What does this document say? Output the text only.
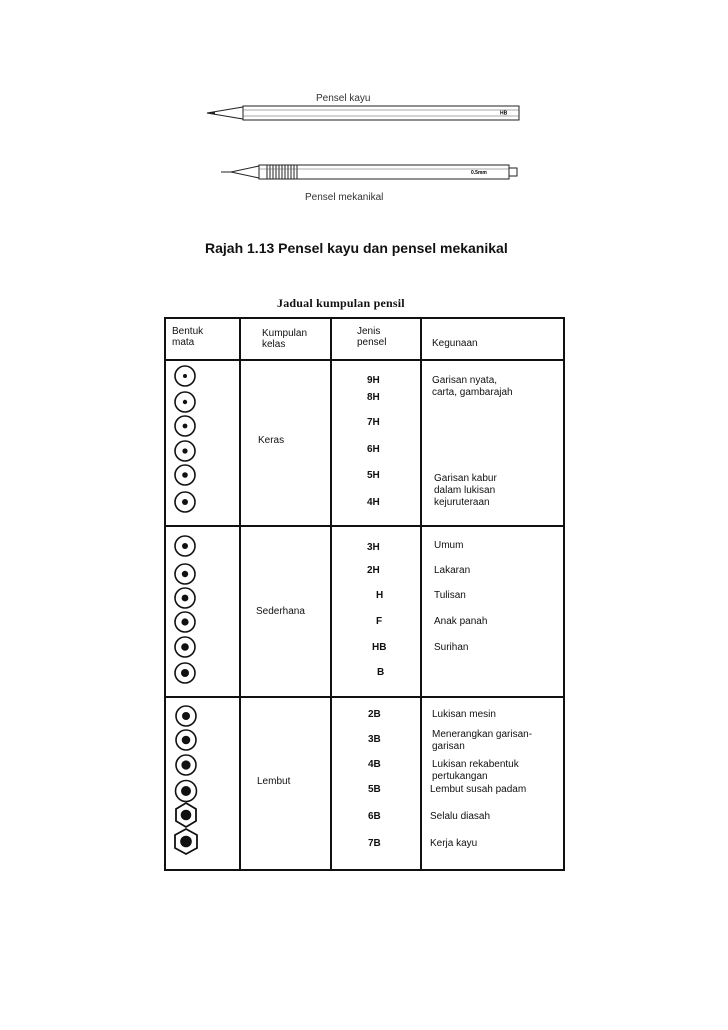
Pensel kayu
HB
0.5mm
Pensel mekanikal
Rajah 1.13 Pensel kayu dan pensel mekanikal
Jadual kumpulan pensil
Bentuk
mata
Kumpulan
kelas
Jenis
pensel	Kegunaan
Keras
9H
8H
7H
6H
5H
4H
Garisan nyata,
carta, gambarajah
Garisan kabur
dalam lukisan
kejuruteraan
Sederhana
3H
2H
H
F
HB
B
Umum
Lakaran
Tulisan
Anak panah
Surihan
Lembut
2B
3B
4B
5B
6B
7B
Lukisan mesin
Menerangkan garisan-
garisan
Lukisan rekabentuk
pertukangan
Lembut susah padam
Selalu diasah
Kerja kayu
